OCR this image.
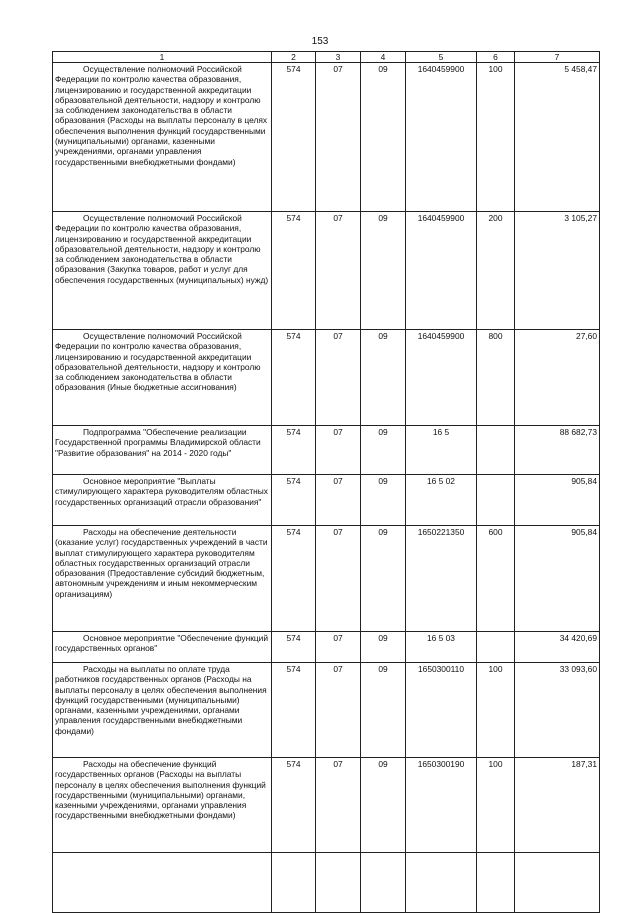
153
1	2	3	4	5	6	7

Осуществление полномочий Российской Федерации по контролю качества образования, лицензированию и государственной аккредитации образовательной деятельности, надзору и контролю за соблюдением законодательства в области образования (Расходы на выплаты персоналу в целях обеспечения выполнения функций государственными (муниципальными) органами, казенными учреждениями, органами управления государственными внебюджетными фондами)	574	07	09	1640459900	100	5 458,47

Осуществление полномочий Российской Федерации по контролю качества образования, лицензированию и государственной аккредитации образовательной деятельности, надзору и контролю за соблюдением законодательства в области образования (Закупка товаров, работ и услуг для обеспечения государственных (муниципальных) нужд)	574	07	09	1640459900	200	3 105,27

Осуществление полномочий Российской Федерации по контролю качества образования, лицензированию и государственной аккредитации образовательной деятельности, надзору и контролю за соблюдением законодательства в области образования (Иные бюджетные ассигнования)	574	07	09	1640459900	800	27,60

Подпрограмма "Обеспечение реализации Государственной программы Владимирской области "Развитие образования" на 2014 - 2020 годы"	574	07	09	16 5		88 682,73

Основное мероприятие "Выплаты стимулирующего характера руководителям областных государственных организаций отрасли образования"	574	07	09	16 5 02		905,84

Расходы на обеспечение деятельности (оказание услуг) государственных учреждений в части выплат стимулирующего характера руководителям областных государственных организаций отрасли образования (Предоставление субсидий бюджетным, автономным учреждениям и иным некоммерческим организациям)	574	07	09	1650221350	600	905,84

Основное мероприятие "Обеспечение функций государственных органов"	574	07	09	16 5 03		34 420,69

Расходы на выплаты по оплате труда работников государственных органов (Расходы на выплаты персоналу в целях обеспечения выполнения функций государственными (муниципальными) органами, казенными учреждениями, органами управления государственными внебюджетными фондами)	574	07	09	1650300110	100	33 093,60

Расходы на обеспечение функций государственных органов (Расходы на выплаты персоналу в целях обеспечения выполнения функций государственными (муниципальными) органами, казенными учреждениями, органами управления государственными внебюджетными фондами)	574	07	09	1650300190	100	187,31
